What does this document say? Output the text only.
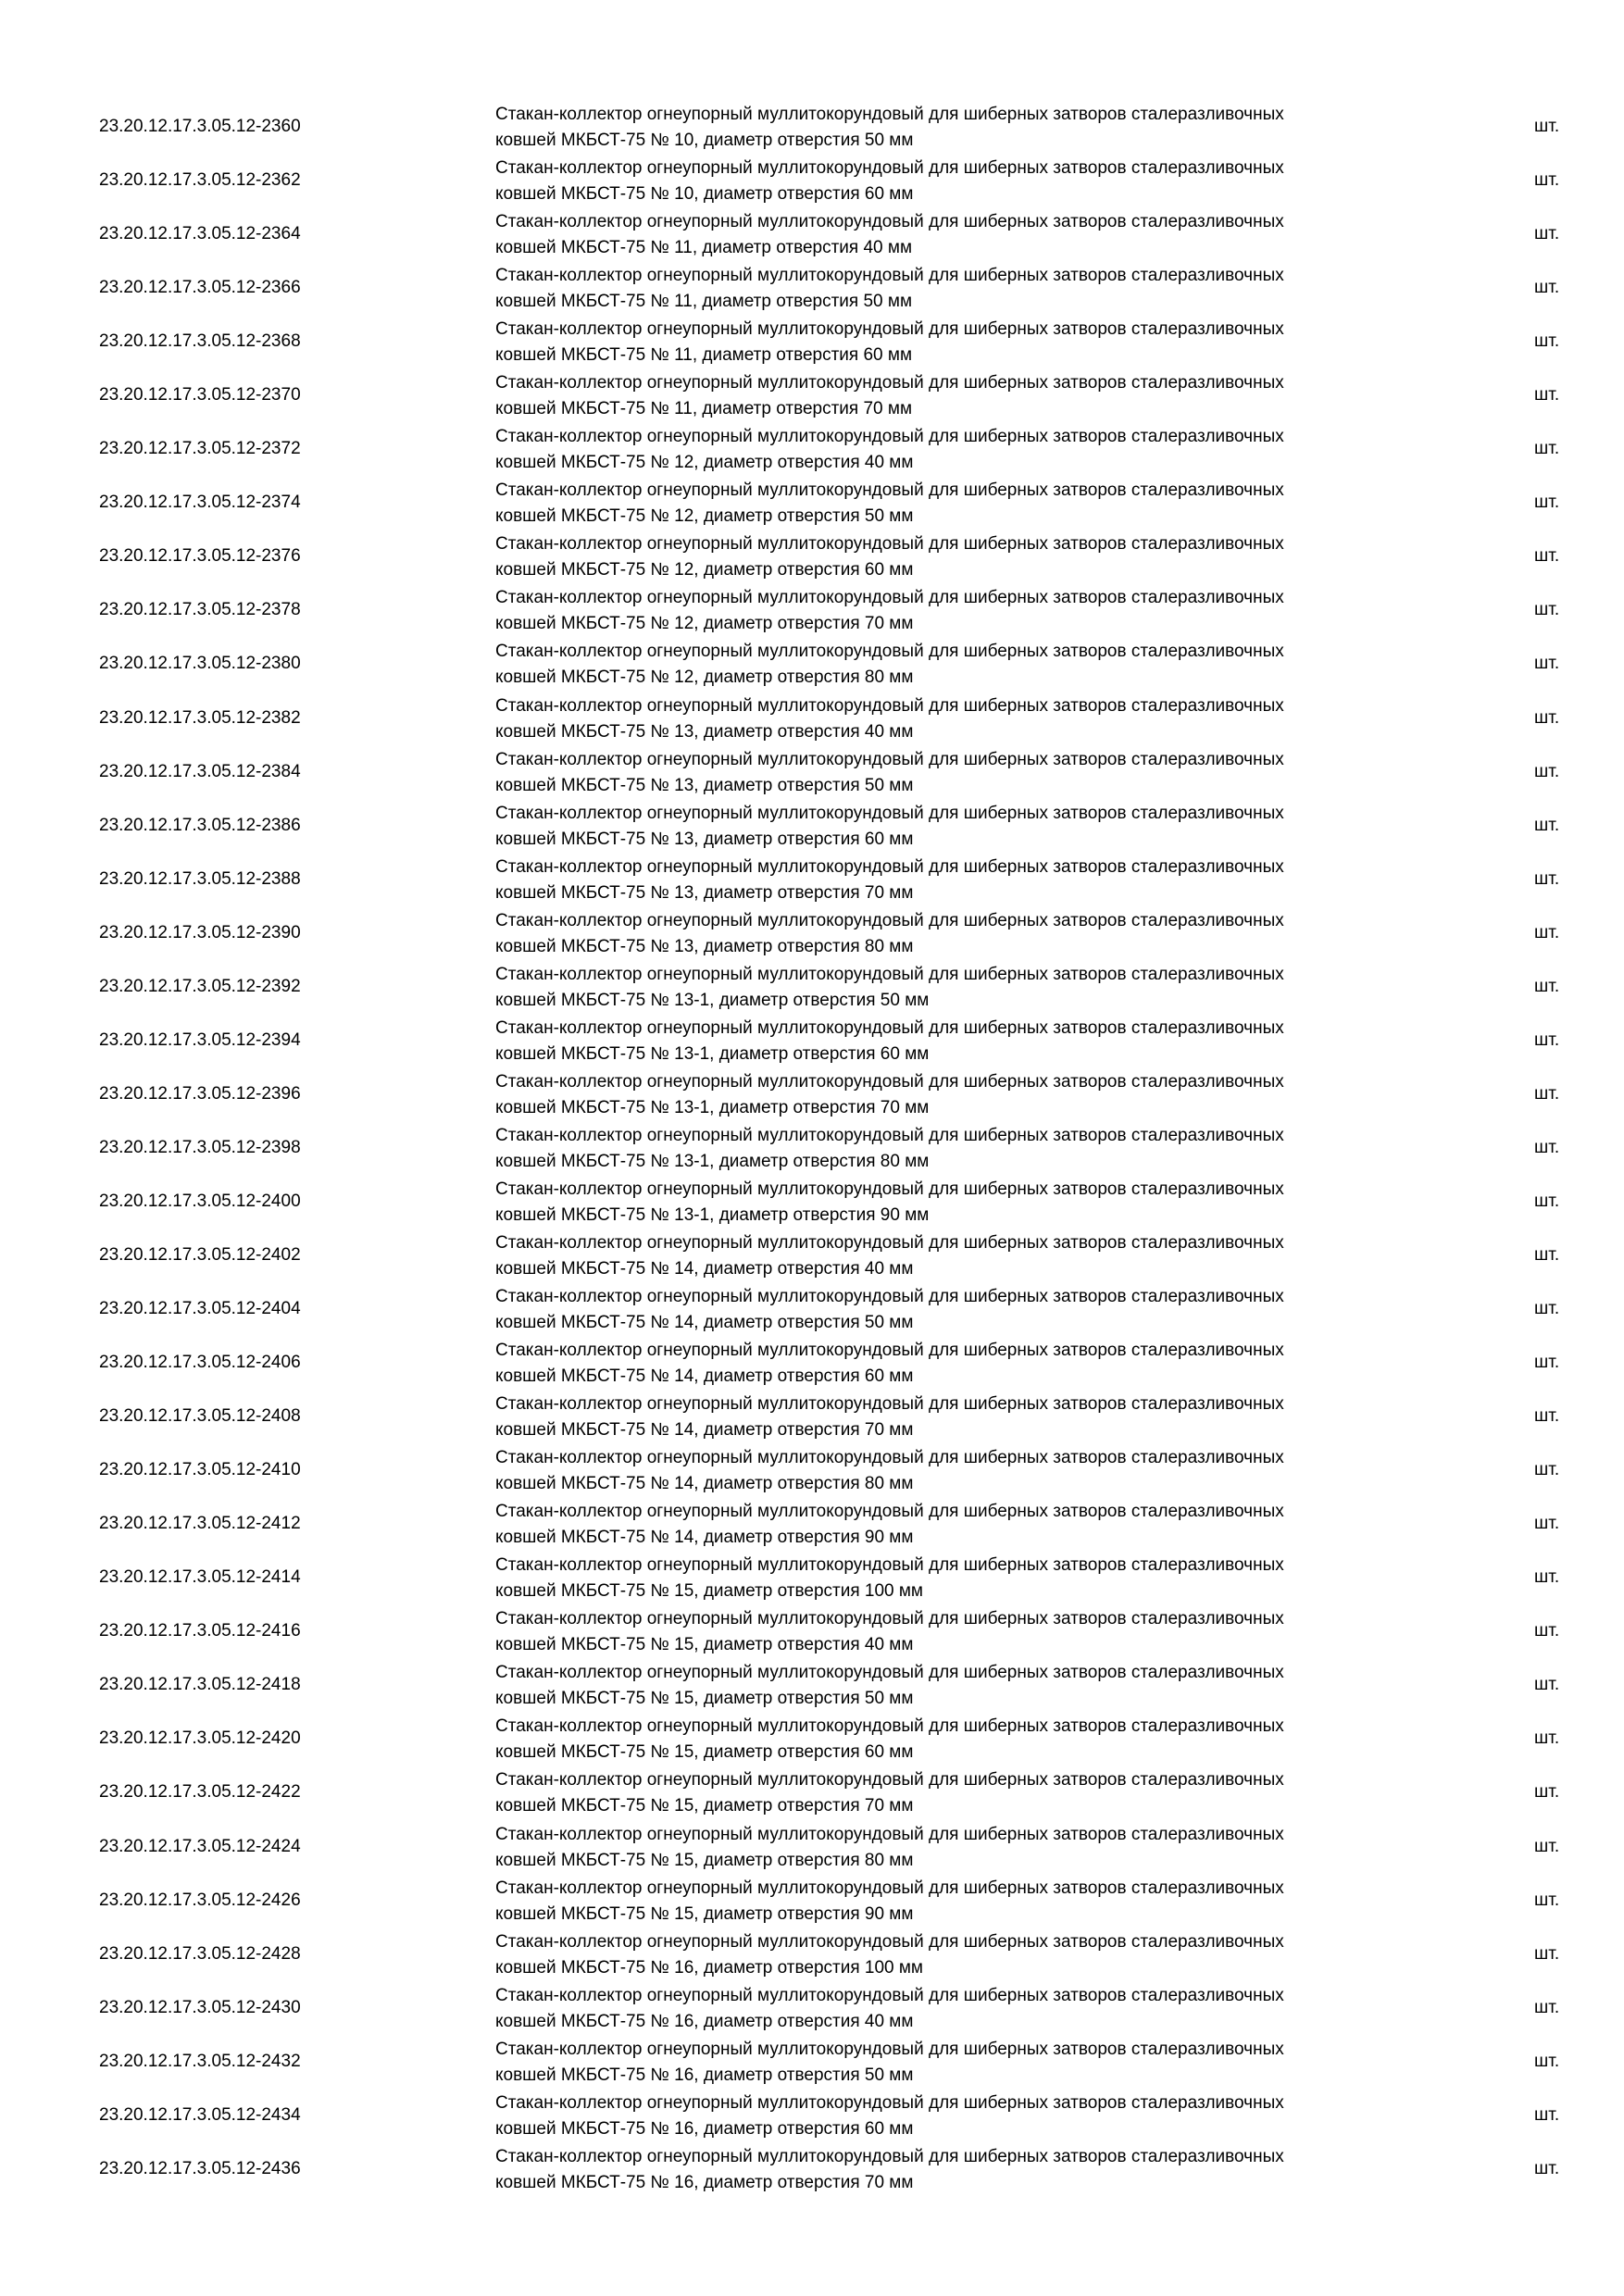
23.20.12.17.3.05.12-2360
Стакан-коллектор огнеупорный муллитокорундовый для шиберных затворов сталеразливочных
ковшей МКБСТ-75 № 10, диаметр отверстия 50 мм
шт.
23.20.12.17.3.05.12-2362
Стакан-коллектор огнеупорный муллитокорундовый для шиберных затворов сталеразливочных
ковшей МКБСТ-75 № 10, диаметр отверстия 60 мм
шт.
23.20.12.17.3.05.12-2364
Стакан-коллектор огнеупорный муллитокорундовый для шиберных затворов сталеразливочных
ковшей МКБСТ-75 № 11, диаметр отверстия 40 мм
шт.
23.20.12.17.3.05.12-2366
Стакан-коллектор огнеупорный муллитокорундовый для шиберных затворов сталеразливочных
ковшей МКБСТ-75 № 11, диаметр отверстия 50 мм
шт.
23.20.12.17.3.05.12-2368
Стакан-коллектор огнеупорный муллитокорундовый для шиберных затворов сталеразливочных
ковшей МКБСТ-75 № 11, диаметр отверстия 60 мм
шт.
23.20.12.17.3.05.12-2370
Стакан-коллектор огнеупорный муллитокорундовый для шиберных затворов сталеразливочных
ковшей МКБСТ-75 № 11, диаметр отверстия 70 мм
шт.
23.20.12.17.3.05.12-2372
Стакан-коллектор огнеупорный муллитокорундовый для шиберных затворов сталеразливочных
ковшей МКБСТ-75 № 12, диаметр отверстия 40 мм
шт.
23.20.12.17.3.05.12-2374
Стакан-коллектор огнеупорный муллитокорундовый для шиберных затворов сталеразливочных
ковшей МКБСТ-75 № 12, диаметр отверстия 50 мм
шт.
23.20.12.17.3.05.12-2376
Стакан-коллектор огнеупорный муллитокорундовый для шиберных затворов сталеразливочных
ковшей МКБСТ-75 № 12, диаметр отверстия 60 мм
шт.
23.20.12.17.3.05.12-2378
Стакан-коллектор огнеупорный муллитокорундовый для шиберных затворов сталеразливочных
ковшей МКБСТ-75 № 12, диаметр отверстия 70 мм
шт.
23.20.12.17.3.05.12-2380
Стакан-коллектор огнеупорный муллитокорундовый для шиберных затворов сталеразливочных
ковшей МКБСТ-75 № 12, диаметр отверстия 80 мм
шт.
23.20.12.17.3.05.12-2382
Стакан-коллектор огнеупорный муллитокорундовый для шиберных затворов сталеразливочных
ковшей МКБСТ-75 № 13, диаметр отверстия 40 мм
шт.
23.20.12.17.3.05.12-2384
Стакан-коллектор огнеупорный муллитокорундовый для шиберных затворов сталеразливочных
ковшей МКБСТ-75 № 13, диаметр отверстия 50 мм
шт.
23.20.12.17.3.05.12-2386
Стакан-коллектор огнеупорный муллитокорундовый для шиберных затворов сталеразливочных
ковшей МКБСТ-75 № 13, диаметр отверстия 60 мм
шт.
23.20.12.17.3.05.12-2388
Стакан-коллектор огнеупорный муллитокорундовый для шиберных затворов сталеразливочных
ковшей МКБСТ-75 № 13, диаметр отверстия 70 мм
шт.
23.20.12.17.3.05.12-2390
Стакан-коллектор огнеупорный муллитокорундовый для шиберных затворов сталеразливочных
ковшей МКБСТ-75 № 13, диаметр отверстия 80 мм
шт.
23.20.12.17.3.05.12-2392
Стакан-коллектор огнеупорный муллитокорундовый для шиберных затворов сталеразливочных
ковшей МКБСТ-75 № 13-1, диаметр отверстия 50 мм
шт.
23.20.12.17.3.05.12-2394
Стакан-коллектор огнеупорный муллитокорундовый для шиберных затворов сталеразливочных
ковшей МКБСТ-75 № 13-1, диаметр отверстия 60 мм
шт.
23.20.12.17.3.05.12-2396
Стакан-коллектор огнеупорный муллитокорундовый для шиберных затворов сталеразливочных
ковшей МКБСТ-75 № 13-1, диаметр отверстия 70 мм
шт.
23.20.12.17.3.05.12-2398
Стакан-коллектор огнеупорный муллитокорундовый для шиберных затворов сталеразливочных
ковшей МКБСТ-75 № 13-1, диаметр отверстия 80 мм
шт.
23.20.12.17.3.05.12-2400
Стакан-коллектор огнеупорный муллитокорундовый для шиберных затворов сталеразливочных
ковшей МКБСТ-75 № 13-1, диаметр отверстия 90 мм
шт.
23.20.12.17.3.05.12-2402
Стакан-коллектор огнеупорный муллитокорундовый для шиберных затворов сталеразливочных
ковшей МКБСТ-75 № 14, диаметр отверстия 40 мм
шт.
23.20.12.17.3.05.12-2404
Стакан-коллектор огнеупорный муллитокорундовый для шиберных затворов сталеразливочных
ковшей МКБСТ-75 № 14, диаметр отверстия 50 мм
шт.
23.20.12.17.3.05.12-2406
Стакан-коллектор огнеупорный муллитокорундовый для шиберных затворов сталеразливочных
ковшей МКБСТ-75 № 14, диаметр отверстия 60 мм
шт.
23.20.12.17.3.05.12-2408
Стакан-коллектор огнеупорный муллитокорундовый для шиберных затворов сталеразливочных
ковшей МКБСТ-75 № 14, диаметр отверстия 70 мм
шт.
23.20.12.17.3.05.12-2410
Стакан-коллектор огнеупорный муллитокорундовый для шиберных затворов сталеразливочных
ковшей МКБСТ-75 № 14, диаметр отверстия 80 мм
шт.
23.20.12.17.3.05.12-2412
Стакан-коллектор огнеупорный муллитокорундовый для шиберных затворов сталеразливочных
ковшей МКБСТ-75 № 14, диаметр отверстия 90 мм
шт.
23.20.12.17.3.05.12-2414
Стакан-коллектор огнеупорный муллитокорундовый для шиберных затворов сталеразливочных
ковшей МКБСТ-75 № 15, диаметр отверстия 100 мм
шт.
23.20.12.17.3.05.12-2416
Стакан-коллектор огнеупорный муллитокорундовый для шиберных затворов сталеразливочных
ковшей МКБСТ-75 № 15, диаметр отверстия 40 мм
шт.
23.20.12.17.3.05.12-2418
Стакан-коллектор огнеупорный муллитокорундовый для шиберных затворов сталеразливочных
ковшей МКБСТ-75 № 15, диаметр отверстия 50 мм
шт.
23.20.12.17.3.05.12-2420
Стакан-коллектор огнеупорный муллитокорундовый для шиберных затворов сталеразливочных
ковшей МКБСТ-75 № 15, диаметр отверстия 60 мм
шт.
23.20.12.17.3.05.12-2422
Стакан-коллектор огнеупорный муллитокорундовый для шиберных затворов сталеразливочных
ковшей МКБСТ-75 № 15, диаметр отверстия 70 мм
шт.
23.20.12.17.3.05.12-2424
Стакан-коллектор огнеупорный муллитокорундовый для шиберных затворов сталеразливочных
ковшей МКБСТ-75 № 15, диаметр отверстия 80 мм
шт.
23.20.12.17.3.05.12-2426
Стакан-коллектор огнеупорный муллитокорундовый для шиберных затворов сталеразливочных
ковшей МКБСТ-75 № 15, диаметр отверстия 90 мм
шт.
23.20.12.17.3.05.12-2428
Стакан-коллектор огнеупорный муллитокорундовый для шиберных затворов сталеразливочных
ковшей МКБСТ-75 № 16, диаметр отверстия 100 мм
шт.
23.20.12.17.3.05.12-2430
Стакан-коллектор огнеупорный муллитокорундовый для шиберных затворов сталеразливочных
ковшей МКБСТ-75 № 16, диаметр отверстия 40 мм
шт.
23.20.12.17.3.05.12-2432
Стакан-коллектор огнеупорный муллитокорундовый для шиберных затворов сталеразливочных
ковшей МКБСТ-75 № 16, диаметр отверстия 50 мм
шт.
23.20.12.17.3.05.12-2434
Стакан-коллектор огнеупорный муллитокорундовый для шиберных затворов сталеразливочных
ковшей МКБСТ-75 № 16, диаметр отверстия 60 мм
шт.
23.20.12.17.3.05.12-2436
Стакан-коллектор огнеупорный муллитокорундовый для шиберных затворов сталеразливочных
ковшей МКБСТ-75 № 16, диаметр отверстия 70 мм
шт.
